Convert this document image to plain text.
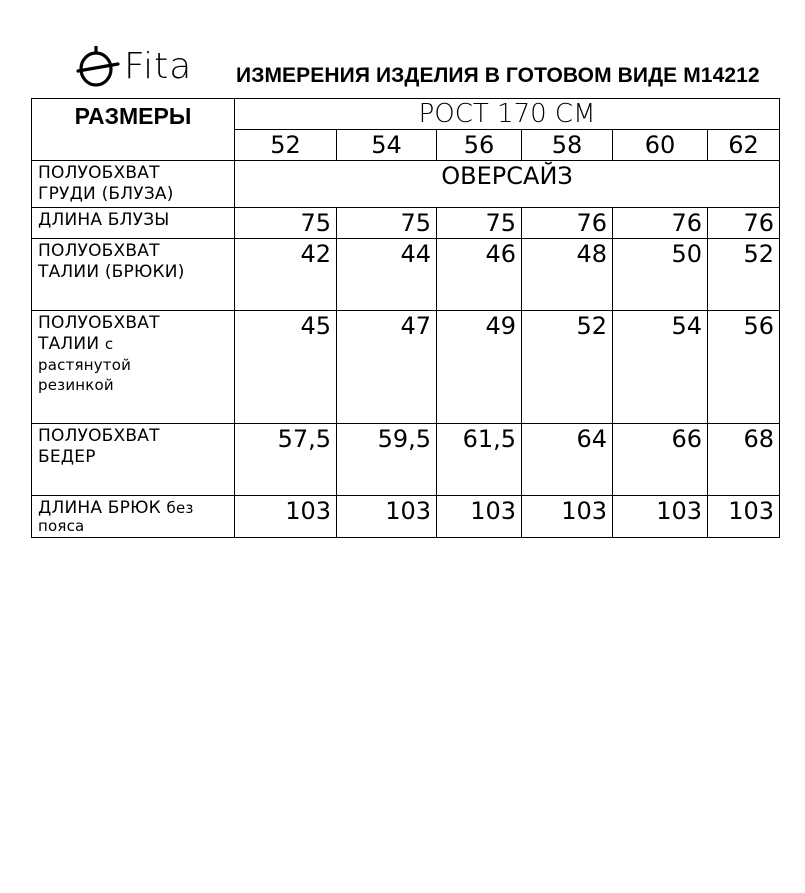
Fita ИЗМЕРЕНИЯ ИЗДЕЛИЯ В ГОТОВОМ ВИДЕ М14212
РАЗМЕРЫ	РОСТ 170 СМ					
	52	54	56	58	60	62

ПОЛУОБХВАТ
ГРУДИ (БЛУЗА)	ОВЕРСАЙЗ					
ДЛИНА БЛУЗЫ	75	75	75	76	76	76

ПОЛУОБХВАТ
ТАЛИИ (БРЮКИ)	42	44	46	48	50	52

ПОЛУОБХВАТ
ТАЛИИ с
растянутой
резинкой	45	47	49	52	54	56

ПОЛУОБХВАТ
БЕДЕР	57,5	59,5	61,5	64	66	68

ДЛИНА БРЮК без
пояса	103	103	103	103	103	103
